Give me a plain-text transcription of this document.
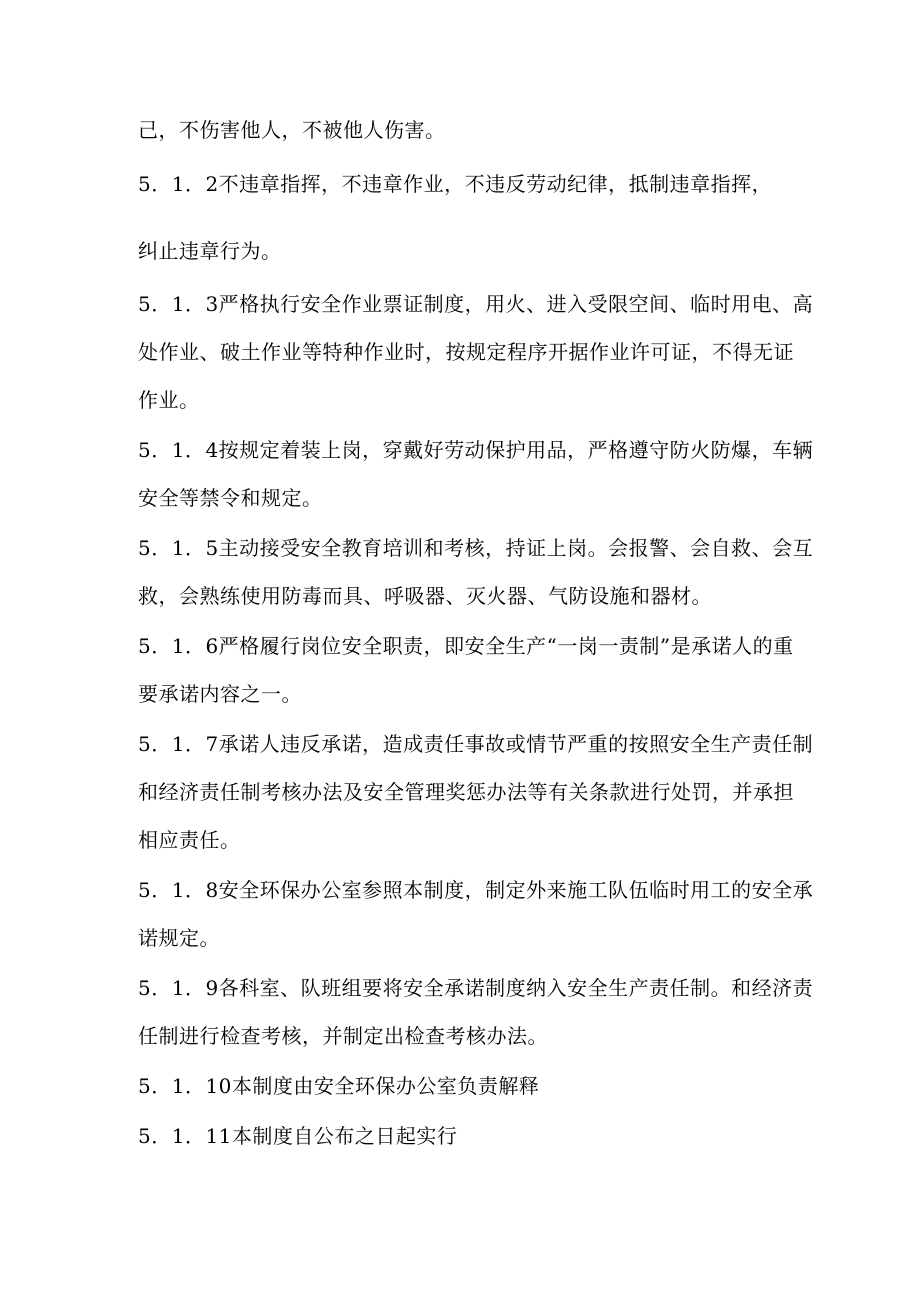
己，不伤害他人，不被他人伤害。
5．1．2不违章指挥，不违章作业，不违反劳动纪律，抵制违章指挥，
纠止违章行为。
5．1．3严格执行安全作业票证制度，用火、进入受限空间、临时用电、高
处作业、破土作业等特种作业时，按规定程序开据作业许可证，不得无证
作业。
5．1．4按规定着装上岗，穿戴好劳动保护用品，严格遵守防火防爆，车辆
安全等禁令和规定。
5．1．5主动接受安全教育培训和考核，持证上岗。会报警、会自救、会互
救，会熟练使用防毒而具、呼吸器、灭火器、气防设施和器材。
5．1．6严格履行岗位安全职责，即安全生产“一岗一责制”是承诺人的重
要承诺内容之一。
5．1．7承诺人违反承诺，造成责任事故或情节严重的按照安全生产责任制
和经济责任制考核办法及安全管理奖惩办法等有关条款进行处罚，并承担
相应责任。
5．1．8安全环保办公室参照本制度，制定外来施工队伍临时用工的安全承
诺规定。
5．1．9各科室、队班组要将安全承诺制度纳入安全生产责任制。和经济责
任制进行检查考核，并制定出检查考核办法。
5．1．10本制度由安全环保办公室负责解释
5．1．11本制度自公布之日起实行
